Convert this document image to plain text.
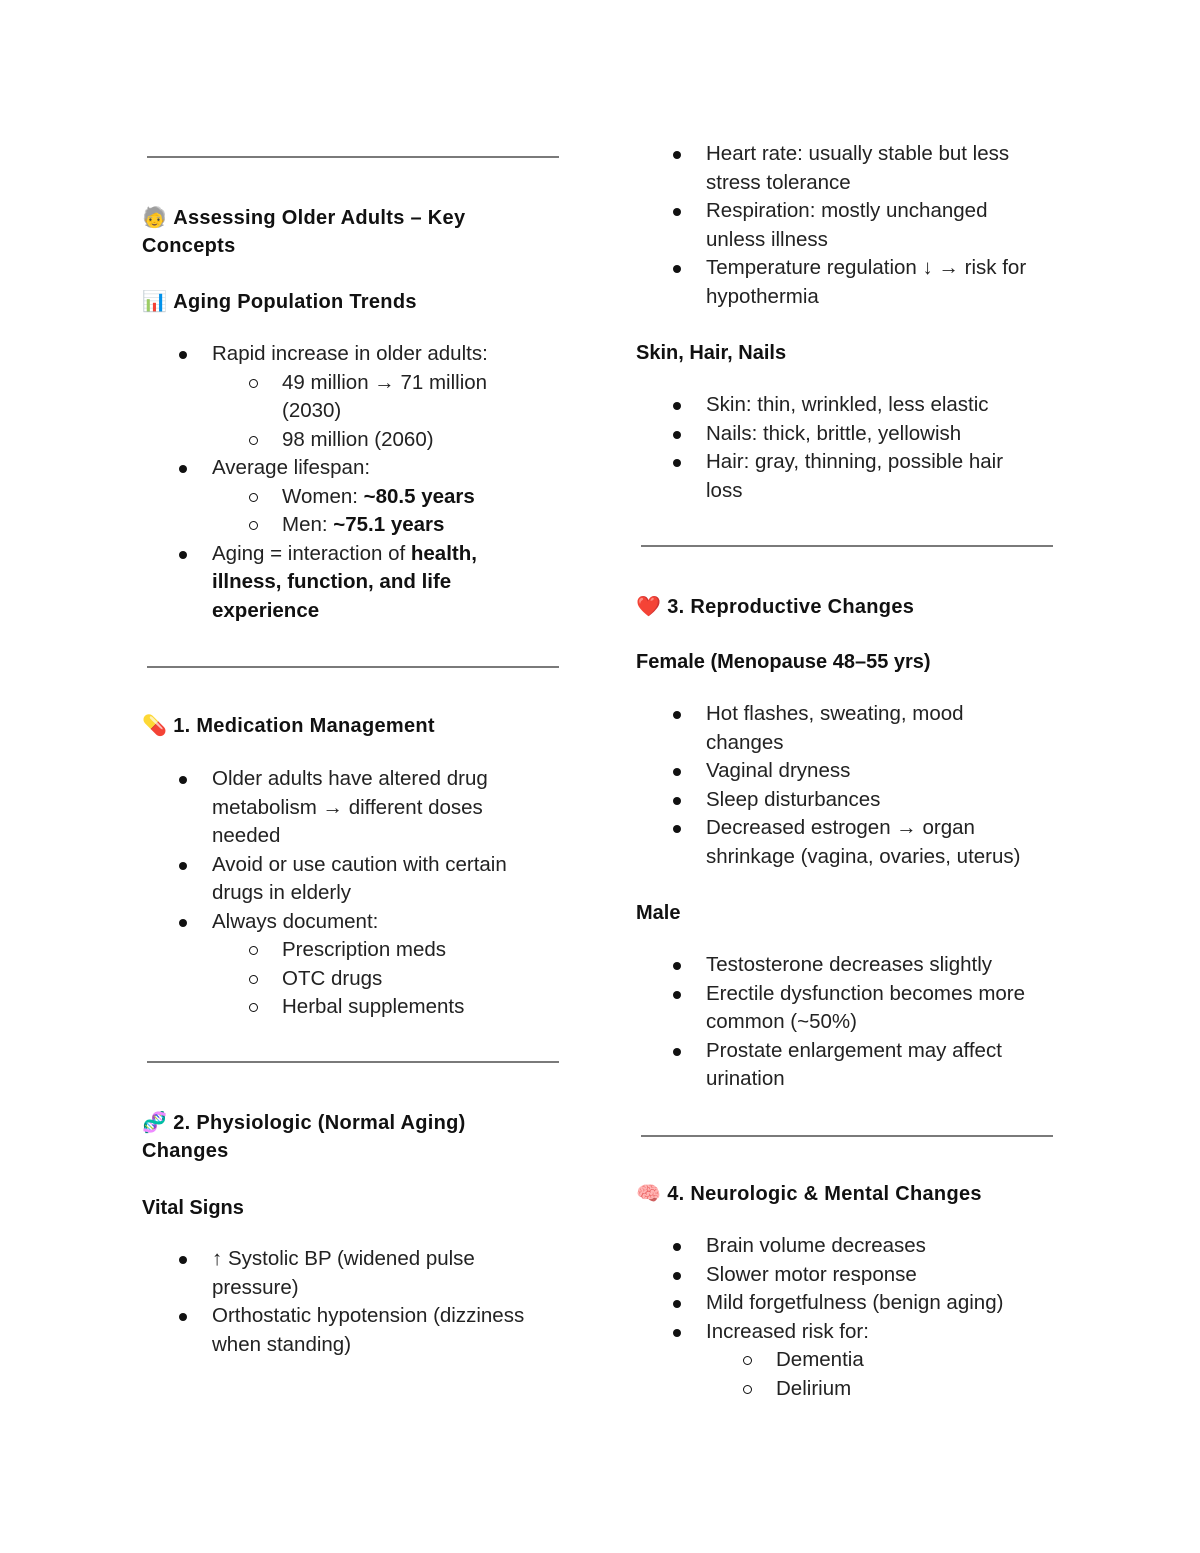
🧓 Assessing Older Adults – Key Concepts
📊 Aging Population Trends
Rapid increase in older adults:
49 million → 71 million (2030)
98 million (2060)
Average lifespan:
Women: ~80.5 years
Men: ~75.1 years
Aging = interaction of health, illness, function, and life experience
💊 1. Medication Management
Older adults have altered drug metabolism → different doses needed
Avoid or use caution with certain drugs in elderly
Always document:
Prescription meds
OTC drugs
Herbal supplements
🧬 2. Physiologic (Normal Aging) Changes
Vital Signs
↑ Systolic BP (widened pulse pressure)
Orthostatic hypotension (dizziness when standing)
Heart rate: usually stable but less stress tolerance
Respiration: mostly unchanged unless illness
Temperature regulation ↓ → risk for hypothermia
Skin, Hair, Nails
Skin: thin, wrinkled, less elastic
Nails: thick, brittle, yellowish
Hair: gray, thinning, possible hair loss
❤️ 3. Reproductive Changes
Female (Menopause 48–55 yrs)
Hot flashes, sweating, mood changes
Vaginal dryness
Sleep disturbances
Decreased estrogen → organ shrinkage (vagina, ovaries, uterus)
Male
Testosterone decreases slightly
Erectile dysfunction becomes more common (~50%)
Prostate enlargement may affect urination
🧠 4. Neurologic & Mental Changes
Brain volume decreases
Slower motor response
Mild forgetfulness (benign aging)
Increased risk for:
Dementia
Delirium
